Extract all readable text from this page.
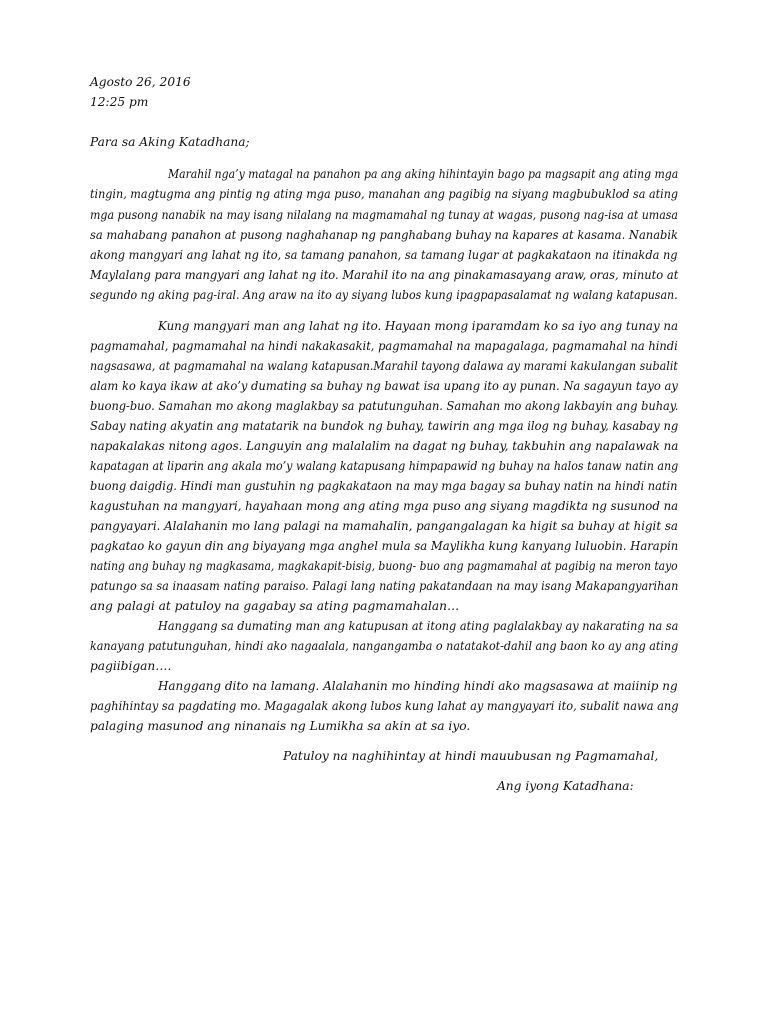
Agosto 26, 2016
12:25 pm
Para sa Aking Katadhana;
Marahil nga’y matagal na panahon pa ang aking hihintayin bago pa magsapit ang ating mga
tingin, magtugma ang pintig ng ating mga puso, manahan ang pagibig na siyang magbubuklod sa ating
mga pusong nanabik na may isang nilalang na magmamahal ng tunay at wagas, pusong nag-isa at umasa
sa mahabang panahon at pusong naghahanap ng panghabang buhay na kapares at kasama. Nanabik
akong mangyari ang lahat ng ito, sa tamang panahon, sa tamang lugar at pagkakataon na itinakda ng
Maylalang para mangyari ang lahat ng ito. Marahil ito na ang pinakamasayang araw, oras, minuto at
segundo ng aking pag-iral. Ang araw na ito ay siyang lubos kung ipagpapasalamat ng walang katapusan.
Kung mangyari man ang lahat ng ito. Hayaan mong iparamdam ko sa iyo ang tunay na
pagmamahal, pagmamahal na hindi nakakasakit, pagmamahal na mapagalaga, pagmamahal na hindi
nagsasawa, at pagmamahal na walang katapusan.Marahil tayong dalawa ay marami kakulangan subalit
alam ko kaya ikaw at ako’y dumating sa buhay ng bawat isa upang ito ay punan. Na sagayun tayo ay
buong-buo. Samahan mo akong maglakbay sa patutunguhan. Samahan mo akong lakbayin ang buhay.
Sabay nating akyatin ang matatarik na bundok ng buhay, tawirin ang mga ilog ng buhay, kasabay ng
napakalakas nitong agos. Languyin ang malalalim na dagat ng buhay, takbuhin ang napalawak na
kapatagan at liparin ang akala mo’y walang katapusang himpapawid ng buhay na halos tanaw natin ang
buong daigdig. Hindi man gustuhin ng pagkakataon na may mga bagay sa buhay natin na hindi natin
kagustuhan na mangyari, hayahaan mong ang ating mga puso ang siyang magdikta ng susunod na
pangyayari. Alalahanin mo lang palagi na mamahalin, pangangalagan ka higit sa buhay at higit sa
pagkatao ko gayun din ang biyayang mga anghel mula sa Maylikha kung kanyang luluobin. Harapin
nating ang buhay ng magkasama, magkakapit-bisig, buong- buo ang pagmamahal at pagibig na meron tayo
patungo sa sa inaasam nating paraiso. Palagi lang nating pakatandaan na may isang Makapangyarihan
ang palagi at patuloy na gagabay sa ating pagmamahalan…
Hanggang sa dumating man ang katupusan at itong ating paglalakbay ay nakarating na sa
kanayang patutunguhan, hindi ako nagaalala, nangangamba o natatakot-dahil ang baon ko ay ang ating
pagiibigan….
Hanggang dito na lamang. Alalahanin mo hinding hindi ako magsasawa at maiinip ng
paghihintay sa pagdating mo. Magagalak akong lubos kung lahat ay mangyayari ito, subalit nawa ang
palaging masunod ang ninanais ng Lumikha sa akin at sa iyo.
Patuloy na naghihintay at hindi mauubusan ng Pagmamahal,
Ang iyong Katadhana:
